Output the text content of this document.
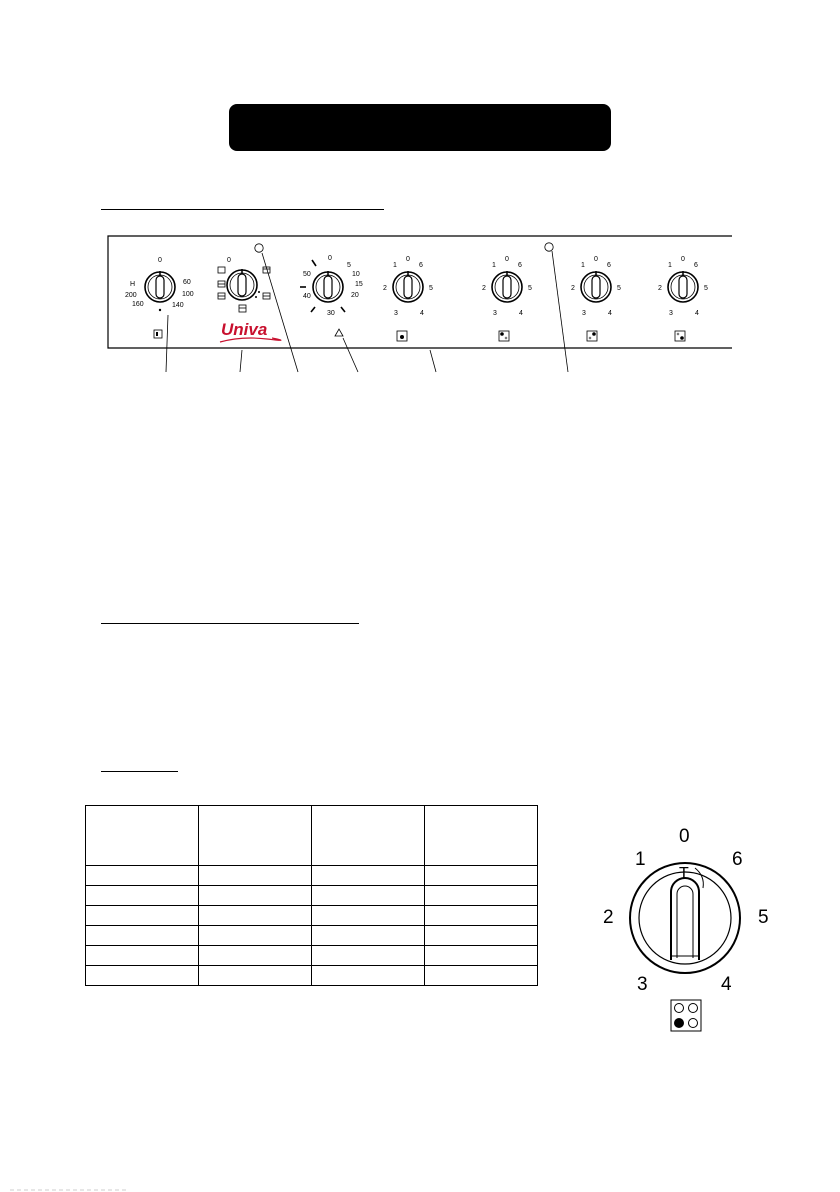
0
60
100
140
160
200
H
0
Univa
0
5
10
15
20
30
40
50
0
1	6
2	5
3	4
0
1	6
2	5
3	4
0
1	6
2	5
3	4
0
1	6
2	5
3	4

T
0
1	6
2	5
3	4
